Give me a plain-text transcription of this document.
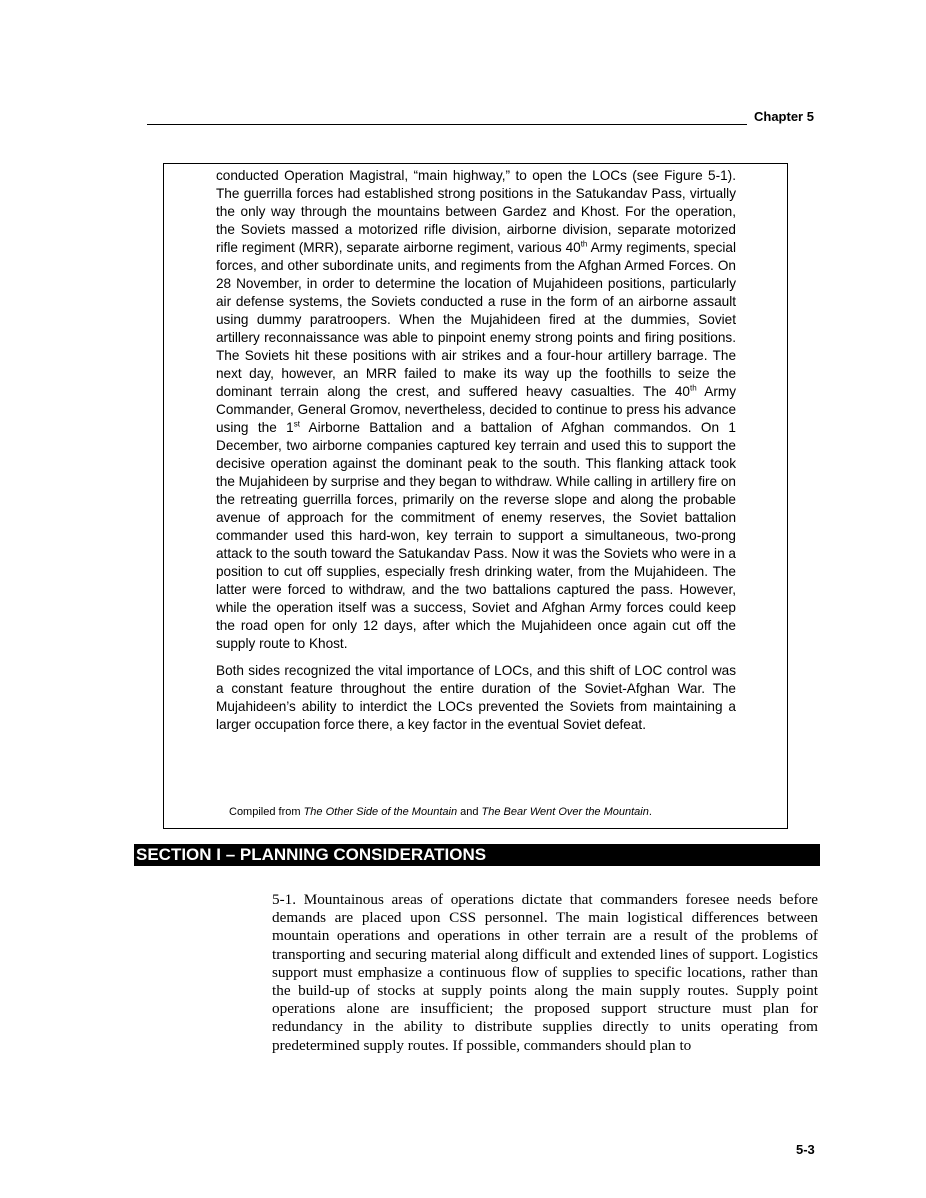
Chapter 5

conducted Operation Magistral, “main highway,” to open the LOCs (see Figure 5-1). The guerrilla forces had established strong positions in the Satukandav Pass, virtually the only way through the mountains between Gardez and Khost. For the operation, the Soviets massed a motorized rifle division, airborne division, separate motorized rifle regiment (MRR), separate airborne regiment, various 40th Army regiments, special forces, and other subordinate units, and regiments from the Afghan Armed Forces. On 28 November, in order to determine the location of Mujahideen positions, particularly air defense systems, the Soviets conducted a ruse in the form of an airborne assault using dummy paratroopers. When the Mujahideen fired at the dummies, Soviet artillery reconnaissance was able to pinpoint enemy strong points and firing positions. The Soviets hit these positions with air strikes and a four-hour artillery barrage. The next day, however, an MRR failed to make its way up the foothills to seize the dominant terrain along the crest, and suffered heavy casualties. The 40th Army Commander, General Gromov, nevertheless, decided to continue to press his advance using the 1st Airborne Battalion and a battalion of Afghan commandos. On 1 December, two airborne companies captured key terrain and used this to support the decisive operation against the dominant peak to the south. This flanking attack took the Mujahideen by surprise and they began to withdraw. While calling in artillery fire on the retreating guerrilla forces, primarily on the reverse slope and along the probable avenue of approach for the commitment of enemy reserves, the Soviet battalion commander used this hard-won, key terrain to support a simultaneous, two-prong attack to the south toward the Satukandav Pass. Now it was the Soviets who were in a position to cut off supplies, especially fresh drinking water, from the Mujahideen. The latter were forced to withdraw, and the two battalions captured the pass. However, while the operation itself was a success, Soviet and Afghan Army forces could keep the road open for only 12 days, after which the Mujahideen once again cut off the supply route to Khost.

Both sides recognized the vital importance of LOCs, and this shift of LOC control was a constant feature throughout the entire duration of the Soviet-Afghan War. The Mujahideen’s ability to interdict the LOCs prevented the Soviets from maintaining a larger occupation force there, a key factor in the eventual Soviet defeat.

Compiled from The Other Side of the Mountain and The Bear Went Over the Mountain.
SECTION I – PLANNING CONSIDERATIONS

5-1. Mountainous areas of operations dictate that commanders foresee needs before demands are placed upon CSS personnel. The main logistical differences between mountain operations and operations in other terrain are a result of the problems of transporting and securing material along difficult and extended lines of support. Logistics support must emphasize a continuous flow of supplies to specific locations, rather than the build-up of stocks at supply points along the main supply routes. Supply point operations alone are insufficient; the proposed support structure must plan for redundancy in the ability to distribute supplies directly to units operating from predetermined supply routes. If possible, commanders should plan to

5-3
